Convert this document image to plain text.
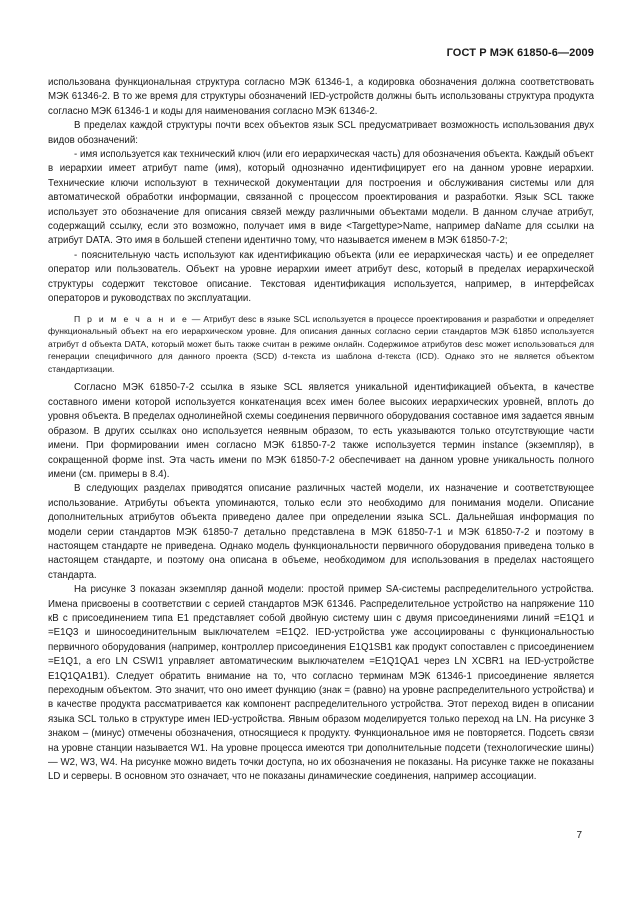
ГОСТ Р МЭК 61850-6—2009

использована функциональная структура согласно МЭК 61346-1, а кодировка обозначения должна соответствовать МЭК 61346-2. В то же время для структуры обозначений IED-устройств должны быть использованы структура продукта согласно МЭК 61346-1 и коды для наименования согласно МЭК 61346-2.

В пределах каждой структуры почти всех объектов язык SCL предусматривает возможность использования двух видов обозначений:

- имя используется как технический ключ (или его иерархическая часть) для обозначения объекта. Каждый объект в иерархии имеет атрибут name (имя), который однозначно идентифицирует его на данном уровне иерархии. Технические ключи используют в технической документации для построения и обслуживания системы или для автоматической обработки информации, связанной с процессом проектирования и разработки. Язык SCL также использует это обозначение для описания связей между различными объектами модели. В данном случае атрибут, содержащий ссылку, если это возможно, получает имя в виде <Targettype>Name, например daName для ссылки на атрибут DATA. Это имя в большей степени идентично тому, что называется именем в МЭК 61850-7-2;

- пояснительную часть используют как идентификацию объекта (или ее иерархическая часть) и ее определяет оператор или пользователь. Объект на уровне иерархии имеет атрибут desc, который в пределах иерархической структуры содержит текстовое описание. Текстовая идентификация используется, например, в интерфейсах операторов и руководствах по эксплуатации.

П р и м е ч а н и е — Атрибут desc в языке SCL используется в процессе проектирования и разработки и определяет функциональный объект на его иерархическом уровне. Для описания данных согласно серии стандартов МЭК 61850 используется атрибут d объекта DATA, который может быть также считан в режиме онлайн. Содержимое атрибутов desc может использоваться для генерации специфичного для данного проекта (SCD) d-текста из шаблона d-текста (ICD). Однако это не является объектом стандартизации.

Согласно МЭК 61850-7-2 ссылка в языке SCL является уникальной идентификацией объекта, в качестве составного имени которой используется конкатенация всех имен более высоких иерархических уровней, вплоть до уровня объекта. В пределах однолинейной схемы соединения первичного оборудования составное имя задается явным образом. В других ссылках оно используется неявным образом, то есть указываются только отсутствующие части имени. При формировании имен согласно МЭК 61850-7-2 также используется термин instance (экземпляр), в сокращенной форме inst. Эта часть имени по МЭК 61850-7-2 обеспечивает на данном уровне уникальность полного имени (см. примеры в 8.4).

В следующих разделах приводятся описание различных частей модели, их назначение и соответствующее использование. Атрибуты объекта упоминаются, только если это необходимо для понимания модели. Описание дополнительных атрибутов объекта приведено далее при определении языка SCL. Дальнейшая информация по модели серии стандартов МЭК 61850-7 детально представлена в МЭК 61850-7-1 и МЭК 61850-7-2 и поэтому в настоящем стандарте не приведена. Однако модель функциональности первичного оборудования приведена только в настоящем стандарте, и поэтому она описана в объеме, необходимом для использования в пределах настоящего стандарта.

На рисунке 3 показан экземпляр данной модели: простой пример SA-системы распределительного устройства. Имена присвоены в соответствии с серией стандартов МЭК 61346. Распределительное устройство на напряжение 110 кВ с присоединением типа E1 представляет собой двойную систему шин с двумя присоединениями линий =E1Q1 и =E1Q3 и шиносоединительным выключателем =E1Q2. IED-устройства уже ассоциированы с функциональностью первичного оборудования (например, контроллер присоединения E1Q1SB1 как продукт сопоставлен с присоединением =E1Q1, а его LN CSWI1 управляет автоматическим выключателем =E1Q1QA1 через LN XCBR1 на IED-устройстве E1Q1QA1B1). Следует обратить внимание на то, что согласно терминам МЭК 61346-1 присоединение является переходным объектом. Это значит, что оно имеет функцию (знак = (равно) на уровне распределительного устройства) и в качестве продукта рассматривается как компонент распределительного устройства. Этот переход виден в описании языка SCL только в структуре имен IED-устройства. Явным образом моделируется только переход на LN. На рисунке 3 знаком – (минус) отмечены обозначения, относящиеся к продукту. Функциональное имя не повторяется. Подсеть связи на уровне станции называется W1. На уровне процесса имеются три дополнительные подсети (технологические шины) — W2, W3, W4. На рисунке можно видеть точки доступа, но их обозначения не показаны. На рисунке также не показаны LD и серверы. В основном это означает, что не показаны динамические соединения, например ассоциации.

7
